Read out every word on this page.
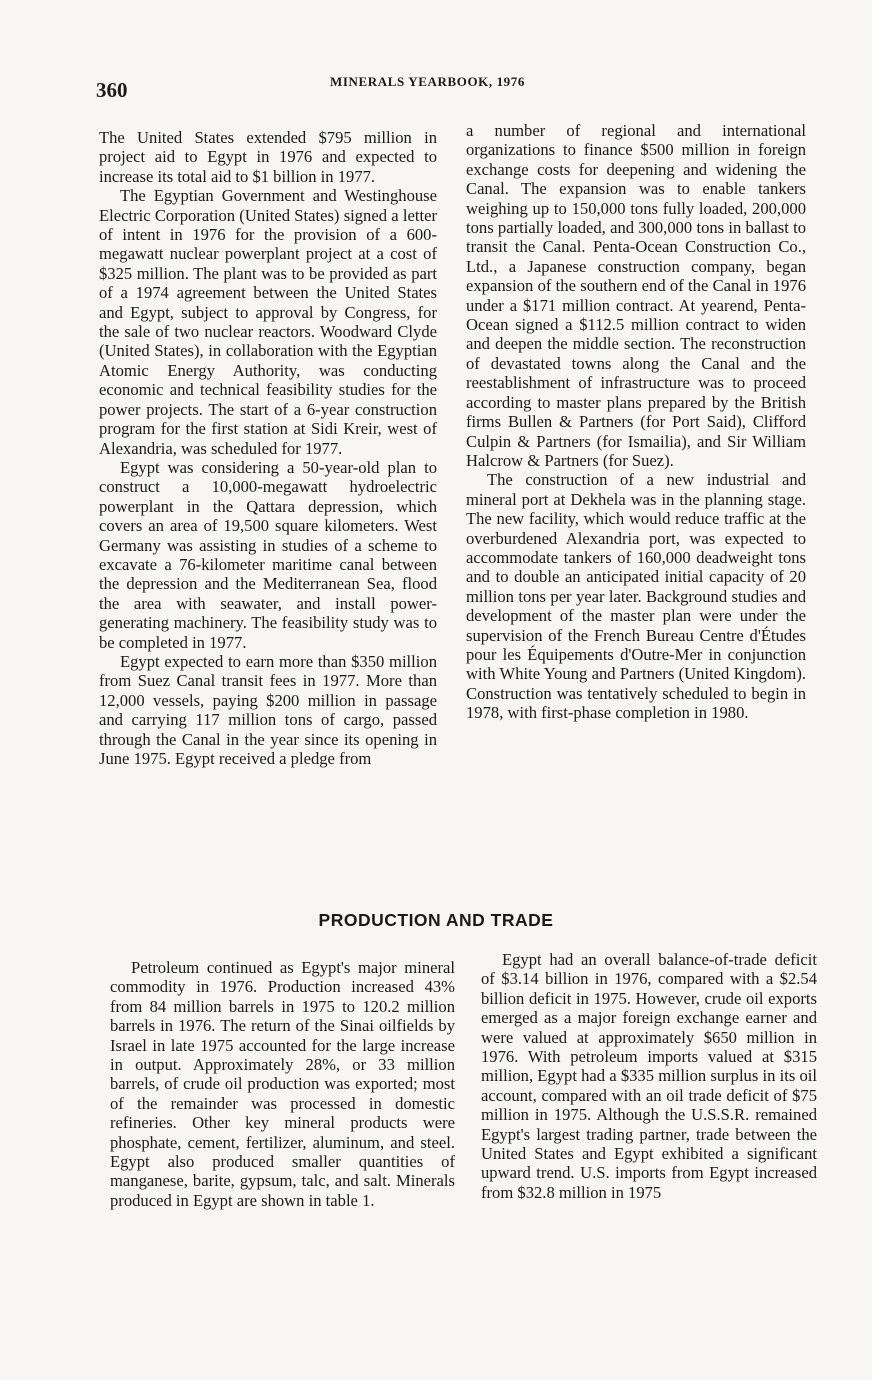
360	MINERALS YEARBOOK, 1976

The United States extended $795 million in project aid to Egypt in 1976 and expected to increase its total aid to $1 billion in 1977.

The Egyptian Government and Westinghouse Electric Corporation (United States) signed a letter of intent in 1976 for the provision of a 600-megawatt nuclear powerplant project at a cost of $325 million. The plant was to be provided as part of a 1974 agreement between the United States and Egypt, subject to approval by Congress, for the sale of two nuclear reactors. Woodward Clyde (United States), in collaboration with the Egyptian Atomic Energy Authority, was conducting economic and technical feasibility studies for the power projects. The start of a 6-year construction program for the first station at Sidi Kreir, west of Alexandria, was scheduled for 1977.

Egypt was considering a 50-year-old plan to construct a 10,000-megawatt hydroelectric powerplant in the Qattara depression, which covers an area of 19,500 square kilometers. West Germany was assisting in studies of a scheme to excavate a 76-kilometer maritime canal between the depression and the Mediterranean Sea, flood the area with seawater, and install power-generating machinery. The feasibility study was to be completed in 1977.

Egypt expected to earn more than $350 million from Suez Canal transit fees in 1977. More than 12,000 vessels, paying $200 million in passage and carrying 117 million tons of cargo, passed through the Canal in the year since its opening in June 1975. Egypt received a pledge from

a number of regional and international organizations to finance $500 million in foreign exchange costs for deepening and widening the Canal. The expansion was to enable tankers weighing up to 150,000 tons fully loaded, 200,000 tons partially loaded, and 300,000 tons in ballast to transit the Canal. Penta-Ocean Construction Co., Ltd., a Japanese construction company, began expansion of the southern end of the Canal in 1976 under a $171 million contract. At yearend, Penta-Ocean signed a $112.5 million contract to widen and deepen the middle section. The reconstruction of devastated towns along the Canal and the reestablishment of infrastructure was to proceed according to master plans prepared by the British firms Bullen & Partners (for Port Said), Clifford Culpin & Partners (for Ismailia), and Sir William Halcrow & Partners (for Suez).

The construction of a new industrial and mineral port at Dekhela was in the planning stage. The new facility, which would reduce traffic at the overburdened Alexandria port, was expected to accommodate tankers of 160,000 deadweight tons and to double an anticipated initial capacity of 20 million tons per year later. Background studies and development of the master plan were under the supervision of the French Bureau Centre d'Études pour les Équipements d'Outre-Mer in conjunction with White Young and Partners (United Kingdom). Construction was tentatively scheduled to begin in 1978, with first-phase completion in 1980.

PRODUCTION AND TRADE

Petroleum continued as Egypt's major mineral commodity in 1976. Production increased 43% from 84 million barrels in 1975 to 120.2 million barrels in 1976. The return of the Sinai oilfields by Israel in late 1975 accounted for the large increase in output. Approximately 28%, or 33 million barrels, of crude oil production was exported; most of the remainder was processed in domestic refineries. Other key mineral products were phosphate, cement, fertilizer, aluminum, and steel. Egypt also produced smaller quantities of manganese, barite, gypsum, talc, and salt. Minerals produced in Egypt are shown in table 1.

Egypt had an overall balance-of-trade deficit of $3.14 billion in 1976, compared with a $2.54 billion deficit in 1975. However, crude oil exports emerged as a major foreign exchange earner and were valued at approximately $650 million in 1976. With petroleum imports valued at $315 million, Egypt had a $335 million surplus in its oil account, compared with an oil trade deficit of $75 million in 1975. Although the U.S.S.R. remained Egypt's largest trading partner, trade between the United States and Egypt exhibited a significant upward trend. U.S. imports from Egypt increased from $32.8 million in 1975
